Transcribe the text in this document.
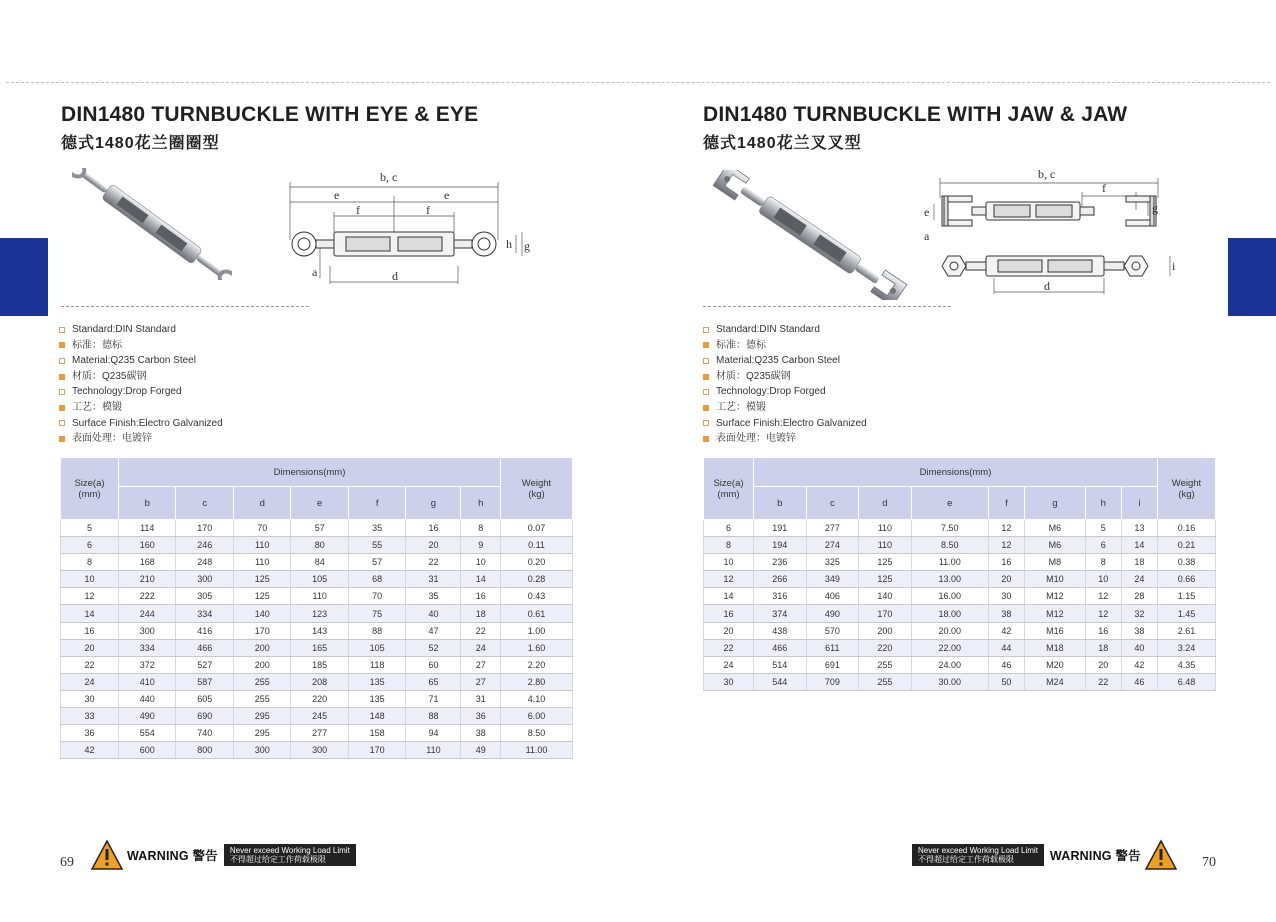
DIN1480 TURNBUCKLE WITH EYE & EYE
德式1480花兰圈圈型
b, c
e	e
f	f
d
a
h g
Standard:DIN Standard
标准：德标
Material:Q235 Carbon Steel
材质：Q235碳钢
Technology:Drop Forged
工艺：模锻
Surface Finish:Electro Galvanized
表面处理：电镀锌
Size(a)
(mm)	Dimensions(mm)							Weight
(kg)
	b	c	d	e	f	g	h	
5	114	170	70	57	35	16	8	0.07
6	160	246	110	80	55	20	9	0.11
8	168	248	110	84	57	22	10	0.20
10	210	300	125	105	68	31	14	0.28
12	222	305	125	110	70	35	16	0.43
14	244	334	140	123	75	40	18	0.61
16	300	416	170	143	88	47	22	1.00
20	334	466	200	165	105	52	24	1.60
22	372	527	200	185	118	60	27	2.20
24	410	587	255	208	135	65	27	2.80
30	440	605	255	220	135	71	31	4.10
33	490	690	295	245	148	88	36	6.00
36	554	740	295	277	158	94	38	8.50
42	600	800	300	300	170	110	49	11.00
69	WARNING 警告 Never exceed Working Load Limit
不得超过给定工作荷载极限
DIN1480 TURNBUCKLE WITH JAW & JAW
德式1480花兰叉叉型
b, c
f
e
a
g
i
d
Standard:DIN Standard
标准：德标
Material:Q235 Carbon Steel
材质：Q235碳钢
Technology:Drop Forged
工艺：模锻
Surface Finish:Electro Galvanized
表面处理：电镀锌
Size(a)
(mm)	Dimensions(mm)								Weight
(kg)
	b	c	d	e	f	g	h	i	
6	191	277	110	7.50	12	M6	5	13	0.16
8	194	274	110	8.50	12	M6	6	14	0.21
10	236	325	125	11.00	16	M8	8	18	0.38
12	266	349	125	13.00	20	M10	10	24	0.66
14	316	406	140	16.00	30	M12	12	28	1.15
16	374	490	170	18.00	38	M12	12	32	1.45
20	438	570	200	20.00	42	M16	16	38	2.61
22	466	611	220	22.00	44	M18	18	40	3.24
24	514	691	255	24.00	46	M20	20	42	4.35
30	544	709	255	30.00	50	M24	22	46	6.48
70
Never exceed Working Load Limit
不得超过给定工作荷载极限	WARNING 警告
